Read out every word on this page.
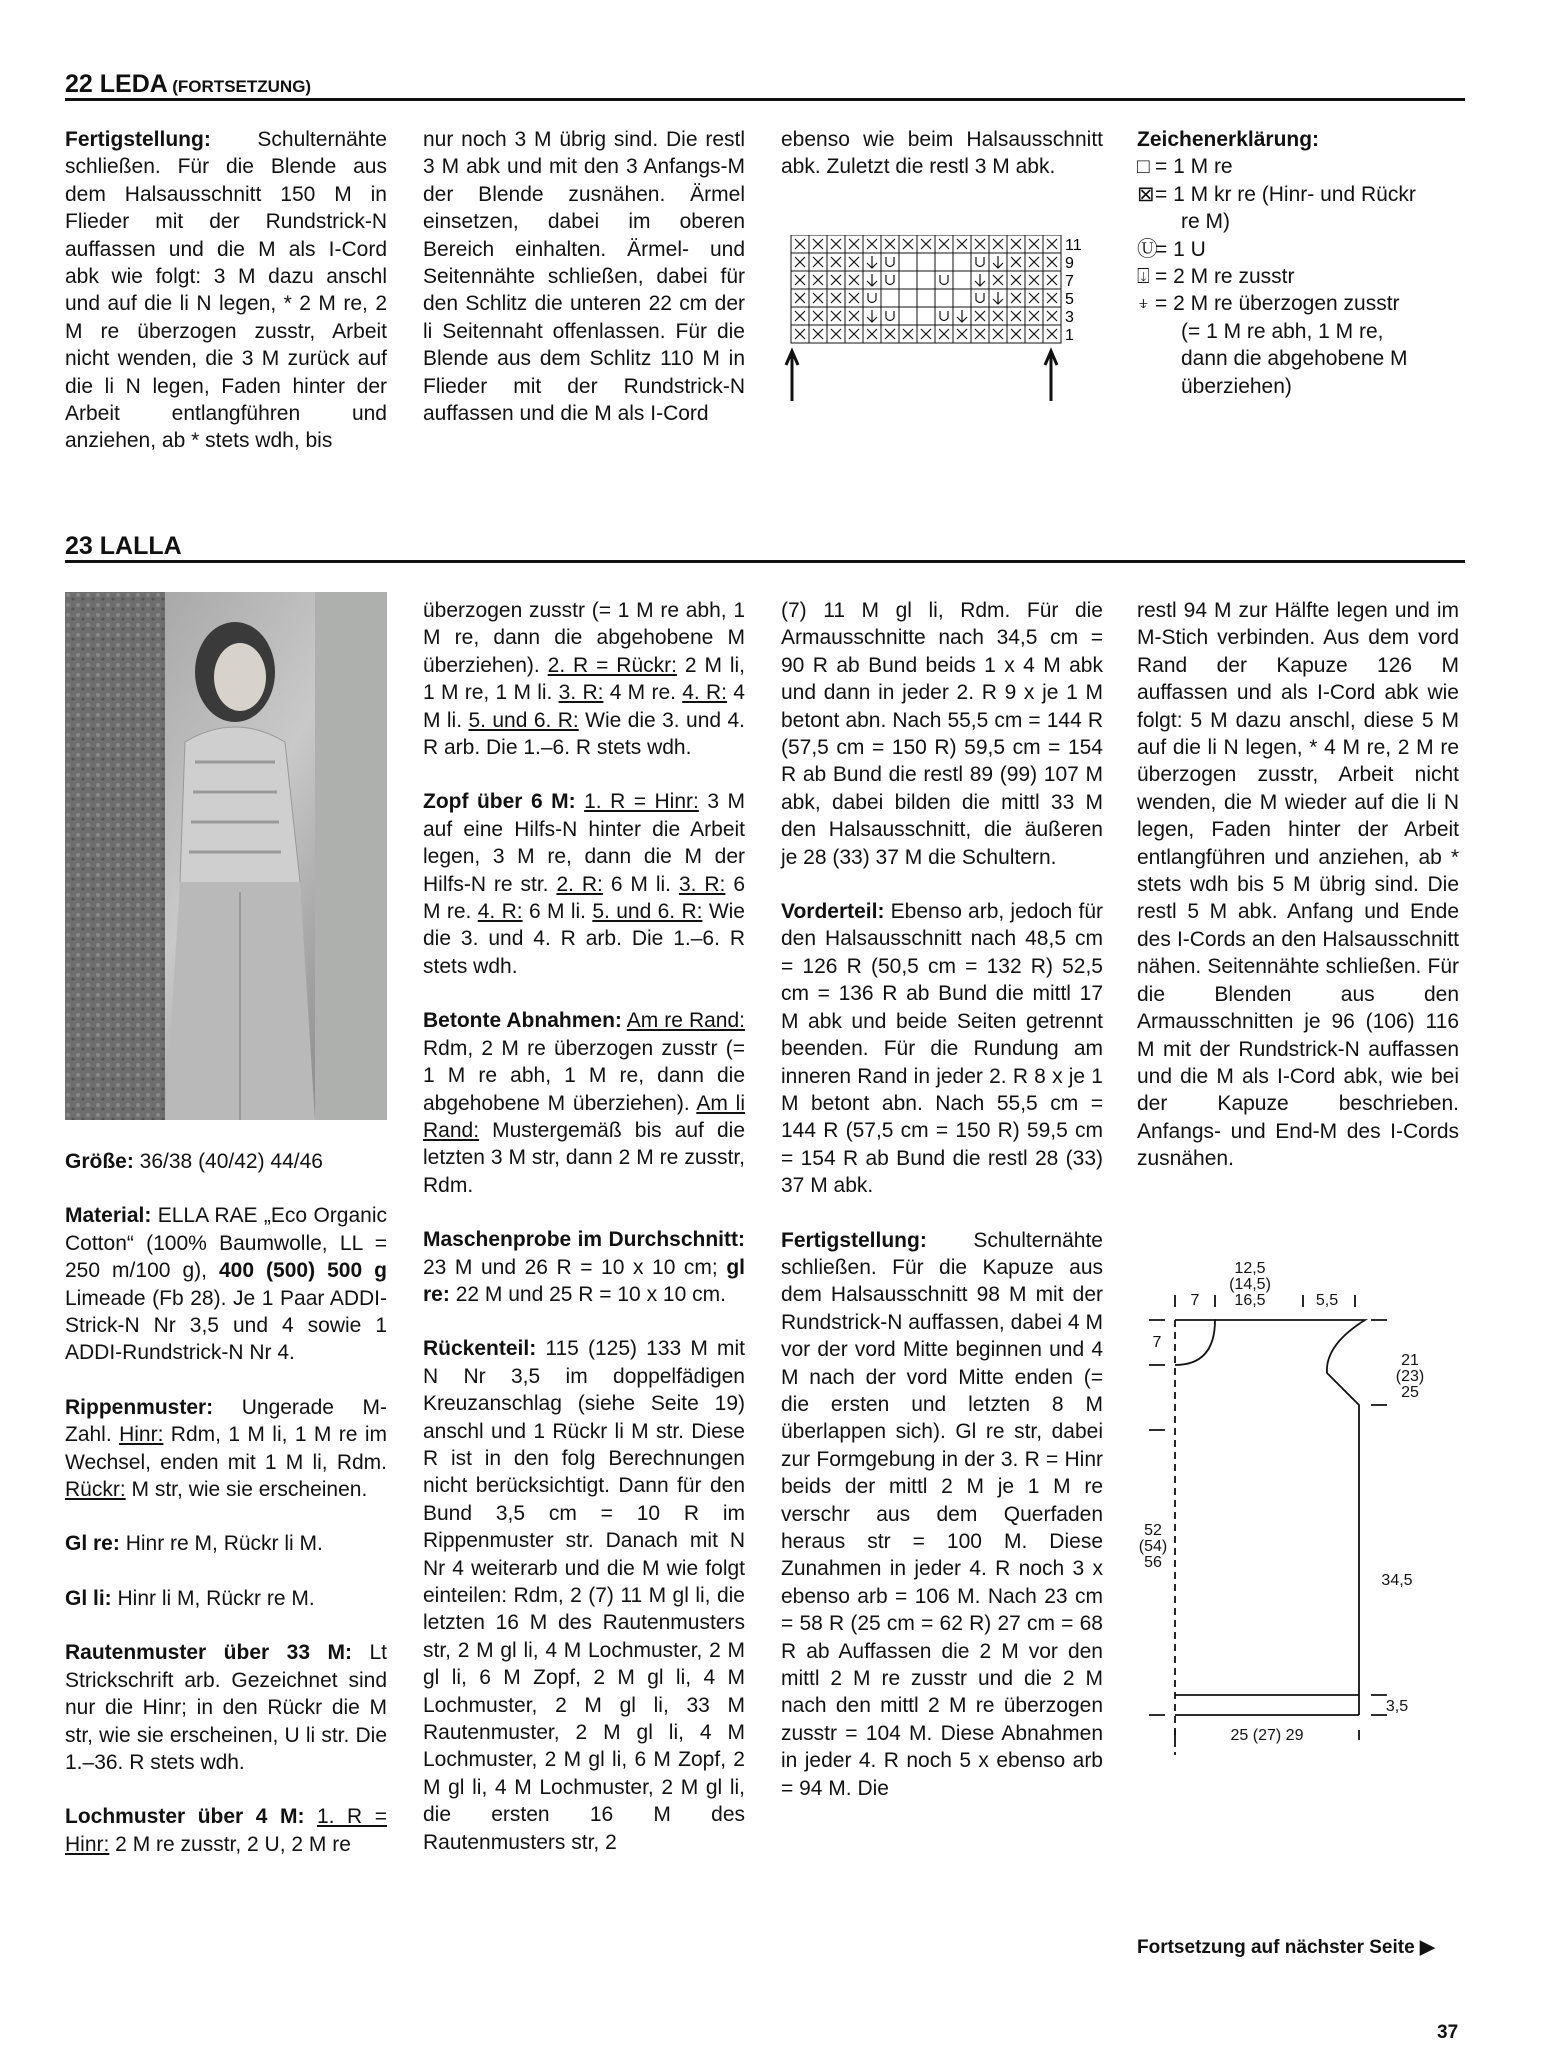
22 LEDA (FORTSETZUNG)

Fertigstellung: Schulternähte schließen. Für die Blende aus dem Halsausschnitt 150 M in Flieder mit der Rundstrick-N auffassen und die M als I-Cord abk wie folgt: 3 M dazu anschl und auf die li N legen, * 2 M re, 2 M re überzogen zusstr, Arbeit nicht wenden, die 3 M zurück auf die li N legen, Faden hinter der Arbeit entlangführen und anziehen, ab * stets wdh, bis

nur noch 3 M übrig sind. Die restl 3 M abk und mit den 3 Anfangs-M der Blende zusnähen. Ärmel einsetzen, dabei im oberen Bereich einhalten. Ärmel- und Seitennähte schließen, dabei für den Schlitz die unteren 22 cm der li Seitennaht offenlassen. Für die Blende aus dem Schlitz 110 M in Flieder mit der Rundstrick-N auffassen und die M als I-Cord

ebenso wie beim Halsausschnitt abk. Zuletzt die restl 3 M abk.

11
9
7
5
3
1
Zeichenerklärung:
□ = 1 M re
⊠ = 1 M kr re (Hinr- und Rückr
re M)
Ⓤ
= 1 U
⍗ = 2 M re zusstr
⍖ = 2 M re überzogen zusstr
(= 1 M re abh, 1 M re,
dann die abgehobene M
überziehen)
23 LALLA

Größe: 36/38 (40/42) 44/46

Material: ELLA RAE „Eco Organic Cotton“ (100% Baumwolle, LL = 250 m/100 g), 400 (500) 500 g Limeade (Fb 28). Je 1 Paar ADDI-Strick-N Nr 3,5 und 4 sowie 1 ADDI-Rundstrick-N Nr 4.

Rippenmuster: Ungerade M-Zahl. Hinr: Rdm, 1 M li, 1 M re im Wechsel, enden mit 1 M li, Rdm. Rückr: M str, wie sie erscheinen.

Gl re: Hinr re M, Rückr li M.

Gl li: Hinr li M, Rückr re M.

Rautenmuster über 33 M: Lt Strickschrift arb. Gezeichnet sind nur die Hinr; in den Rückr die M str, wie sie erscheinen, U li str. Die 1.–36. R stets wdh.

Lochmuster über 4 M: 1. R = Hinr: 2 M re zusstr, 2 U, 2 M re

überzogen zusstr (= 1 M re abh, 1 M re, dann die abgehobene M überziehen). 2. R = Rückr: 2 M li, 1 M re, 1 M li. 3. R: 4 M re. 4. R: 4 M li. 5. und 6. R: Wie die 3. und 4. R arb. Die 1.–6. R stets wdh.

Zopf über 6 M: 1. R = Hinr: 3 M auf eine Hilfs-N hinter die Arbeit legen, 3 M re, dann die M der Hilfs-N re str. 2. R: 6 M li. 3. R: 6 M re. 4. R: 6 M li. 5. und 6. R: Wie die 3. und 4. R arb. Die 1.–6. R stets wdh.

Betonte Abnahmen: Am re Rand: Rdm, 2 M re überzogen zusstr (= 1 M re abh, 1 M re, dann die abgehobene M überziehen). Am li Rand: Mustergemäß bis auf die letzten 3 M str, dann 2 M re zusstr, Rdm.

Maschenprobe im Durchschnitt: 23 M und 26 R = 10 x 10 cm; gl re: 22 M und 25 R = 10 x 10 cm.

Rückenteil: 115 (125) 133 M mit N Nr 3,5 im doppelfädigen Kreuzanschlag (siehe Seite 19) anschl und 1 Rückr li M str. Diese R ist in den folg Berechnungen nicht berücksichtigt. Dann für den Bund 3,5 cm = 10 R im Rippenmuster str. Danach mit N Nr 4 weiterarb und die M wie folgt einteilen: Rdm, 2 (7) 11 M gl li, die letzten 16 M des Rautenmusters str, 2 M gl li, 4 M Lochmuster, 2 M gl li, 6 M Zopf, 2 M gl li, 4 M Lochmuster, 2 M gl li, 33 M Rautenmuster, 2 M gl li, 4 M Lochmuster, 2 M gl li, 6 M Zopf, 2 M gl li, 4 M Lochmuster, 2 M gl li, die ersten 16 M des Rautenmusters str, 2

(7) 11 M gl li, Rdm. Für die Armausschnitte nach 34,5 cm = 90 R ab Bund beids 1 x 4 M abk und dann in jeder 2. R 9 x je 1 M betont abn. Nach 55,5 cm = 144 R (57,5 cm = 150 R) 59,5 cm = 154 R ab Bund die restl 89 (99) 107 M abk, dabei bilden die mittl 33 M den Halsausschnitt, die äußeren je 28 (33) 37 M die Schultern.

Vorderteil: Ebenso arb, jedoch für den Halsausschnitt nach 48,5 cm = 126 R (50,5 cm = 132 R) 52,5 cm = 136 R ab Bund die mittl 17 M abk und beide Seiten getrennt beenden. Für die Rundung am inneren Rand in jeder 2. R 8 x je 1 M betont abn. Nach 55,5 cm = 144 R (57,5 cm = 150 R) 59,5 cm = 154 R ab Bund die restl 28 (33) 37 M abk.

Fertigstellung: Schulternähte schließen. Für die Kapuze aus dem Halsausschnitt 98 M mit der Rundstrick-N auffassen, dabei 4 M vor der vord Mitte beginnen und 4 M nach der vord Mitte enden (= die ersten und letzten 8 M überlappen sich). Gl re str, dabei zur Formgebung in der 3. R = Hinr beids der mittl 2 M je 1 M re verschr aus dem Querfaden heraus str = 100 M. Diese Zunahmen in jeder 4. R noch 3 x ebenso arb = 106 M. Nach 23 cm = 58 R (25 cm = 62 R) 27 cm = 68 R ab Auffassen die 2 M vor den mittl 2 M re zusstr und die 2 M nach den mittl 2 M re überzogen zusstr = 104 M. Diese Abnahmen in jeder 4. R noch 5 x ebenso arb = 94 M. Die

restl 94 M zur Hälfte legen und im M-Stich verbinden. Aus dem vord Rand der Kapuze 126 M auffassen und als I-Cord abk wie folgt: 5 M dazu anschl, diese 5 M auf die li N legen, * 4 M re, 2 M re überzogen zusstr, Arbeit nicht wenden, die M wieder auf die li N legen, Faden hinter der Arbeit entlangführen und anziehen, ab * stets wdh bis 5 M übrig sind. Die restl 5 M abk. Anfang und Ende des I-Cords an den Halsausschnitt nähen. Seitennähte schließen. Für die Blenden aus den Armausschnitten je 96 (106) 116 M mit der Rundstrick-N auffassen und die M als I-Cord abk, wie bei der Kapuze beschrieben. Anfangs- und End-M des I-Cords zusnähen.

12,5
(14,5)
16,5
7	5,5
7
21
(23)
25
52
(54)
56
34,5
3,5
25 (27) 29
Fortsetzung auf nächster Seite ▶
37
